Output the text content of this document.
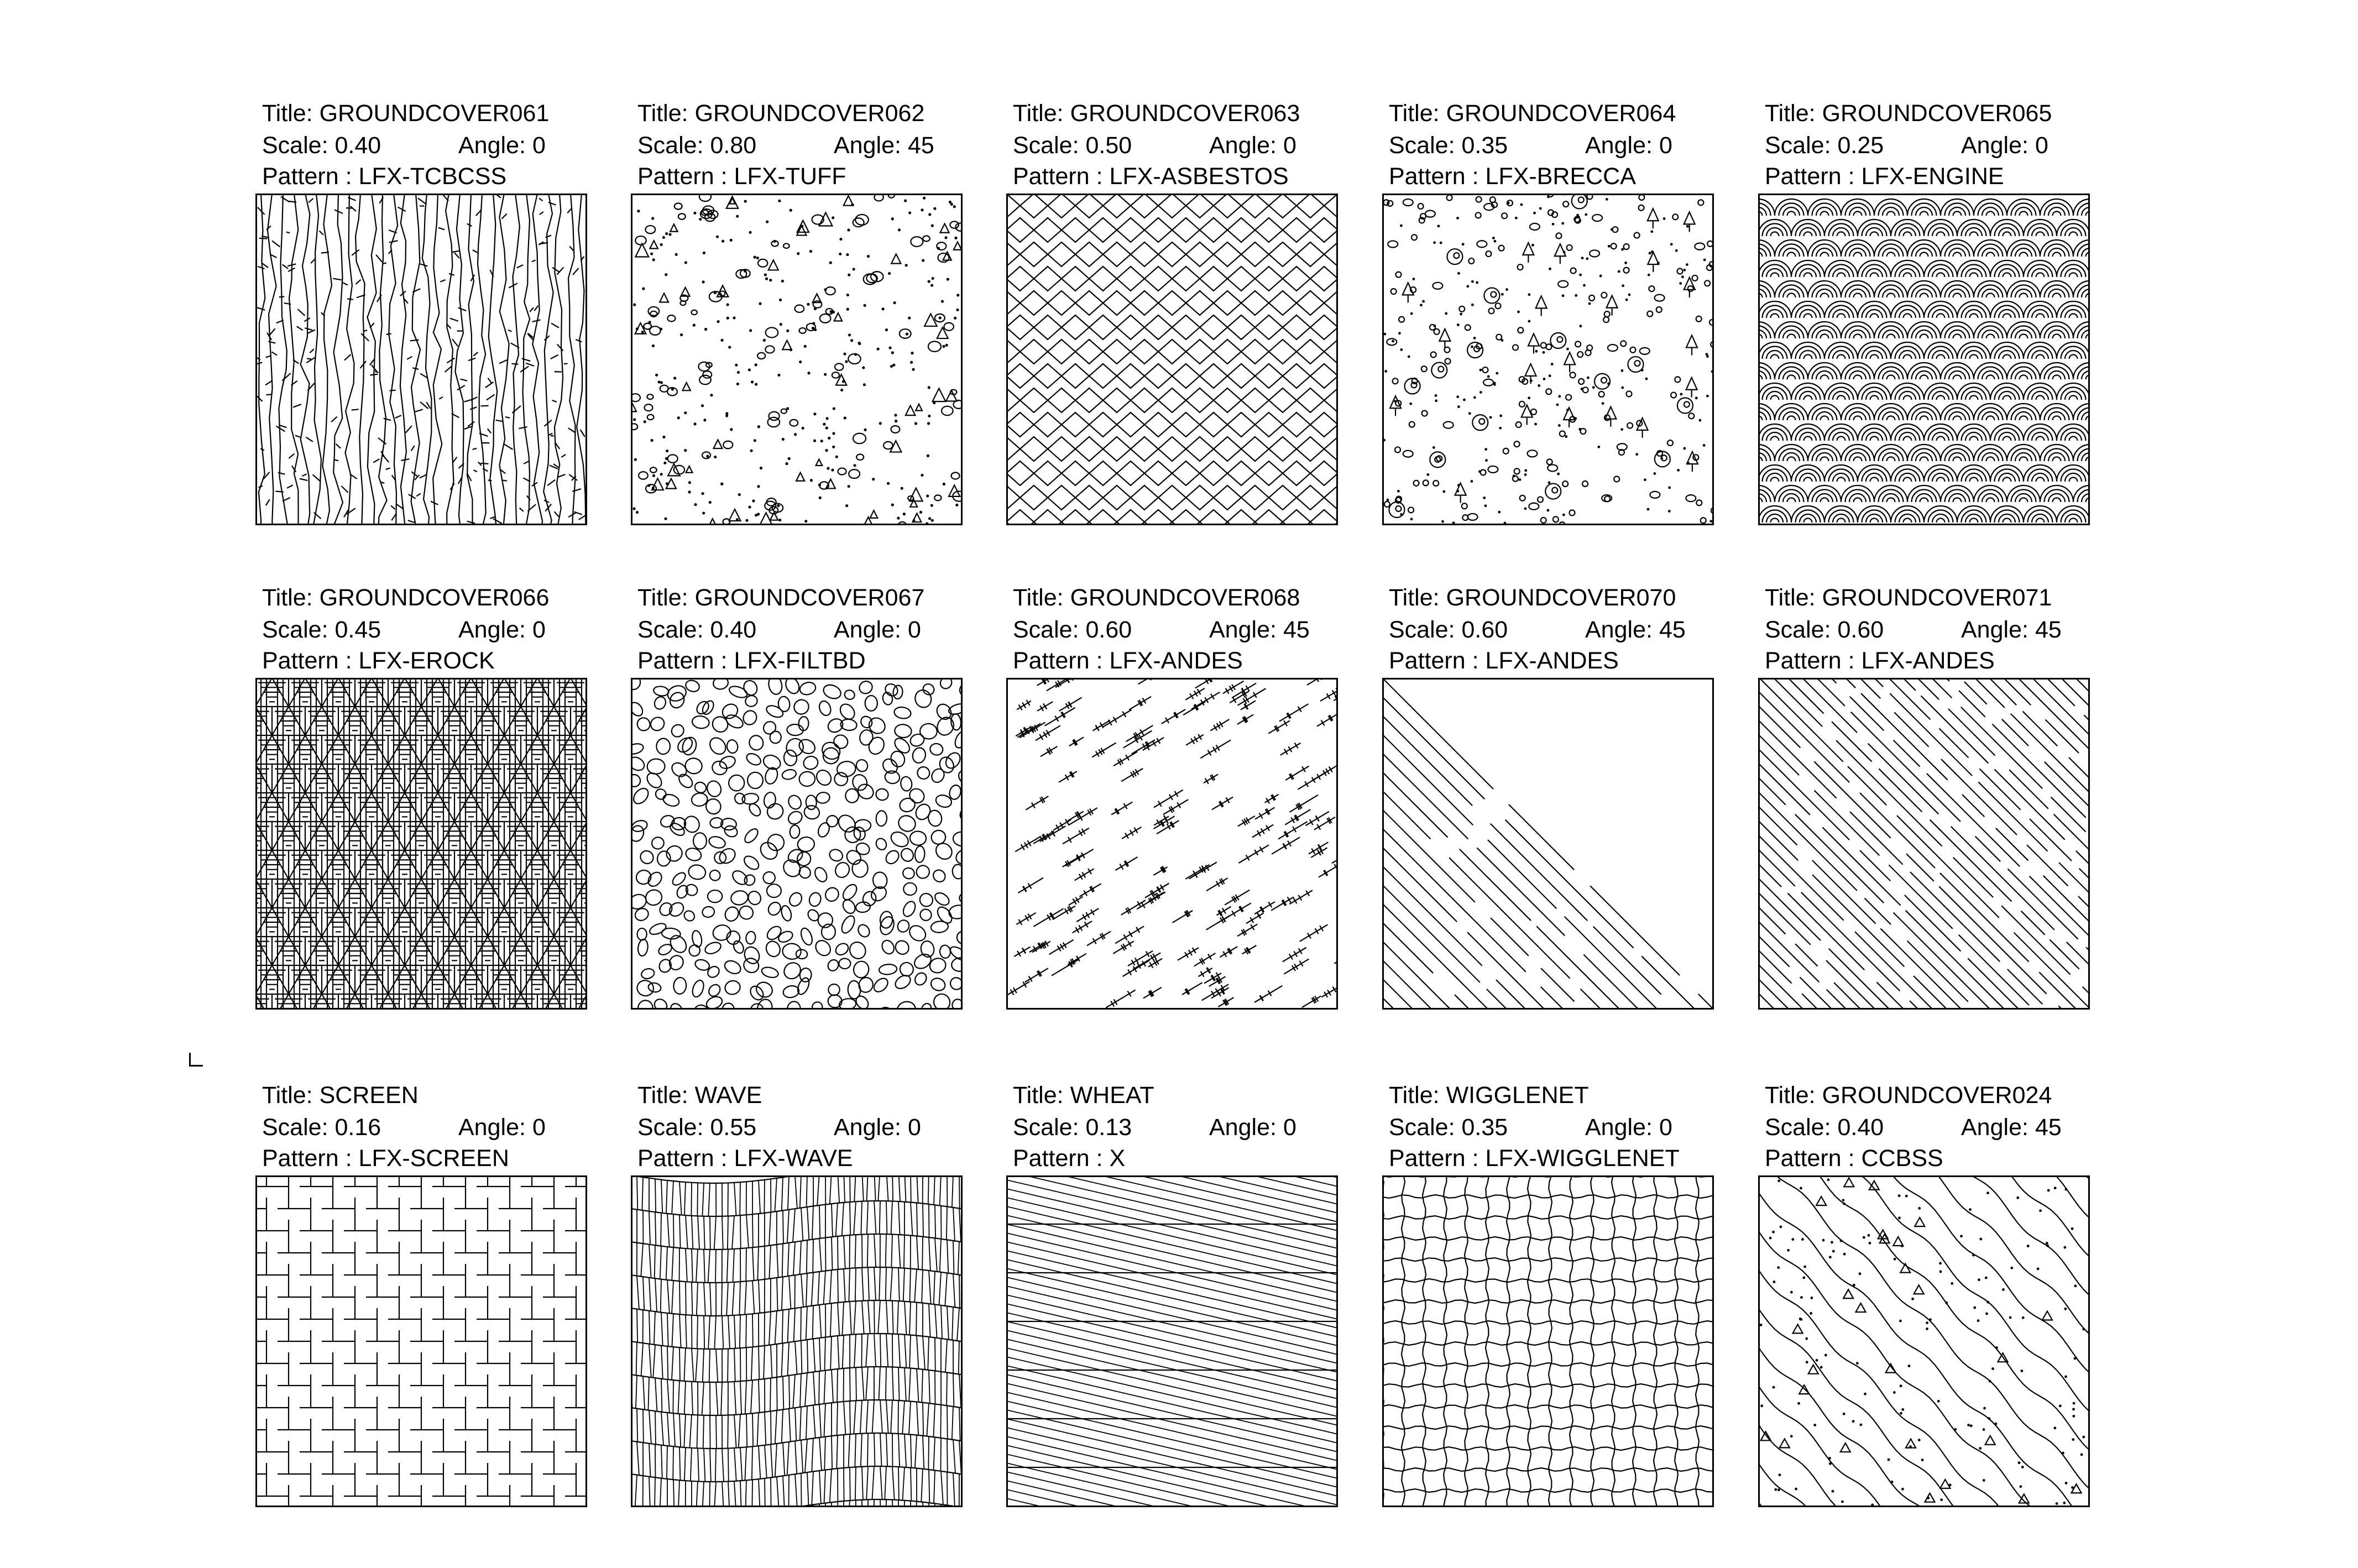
Title: GROUNDCOVER061
Scale: 0.40	Angle: 0
Pattern : LFX-TCBCSS
Title: GROUNDCOVER062
Scale: 0.80	Angle: 45
Pattern : LFX-TUFF
Title: GROUNDCOVER063
Scale: 0.50	Angle: 0
Pattern : LFX-ASBESTOS
Title: GROUNDCOVER064
Scale: 0.35	Angle: 0
Pattern : LFX-BRECCA
Title: GROUNDCOVER065
Scale: 0.25	Angle: 0
Pattern : LFX-ENGINE
Title: GROUNDCOVER066
Scale: 0.45	Angle: 0
Pattern : LFX-EROCK
Title: GROUNDCOVER067
Scale: 0.40	Angle: 0
Pattern : LFX-FILTBD
Title: GROUNDCOVER068
Scale: 0.60	Angle: 45
Pattern : LFX-ANDES
Title: GROUNDCOVER070
Scale: 0.60	Angle: 45
Pattern : LFX-ANDES
Title: GROUNDCOVER071
Scale: 0.60	Angle: 45
Pattern : LFX-ANDES
Title: SCREEN
Scale: 0.16	Angle: 0
Pattern : LFX-SCREEN
Title: WAVE
Scale: 0.55	Angle: 0
Pattern : LFX-WAVE
Title: WHEAT
Scale: 0.13	Angle: 0
Pattern : X
Title: WIGGLENET
Scale: 0.35	Angle: 0
Pattern : LFX-WIGGLENET
Title: GROUNDCOVER024
Scale: 0.40	Angle: 45
Pattern : CCBSS
